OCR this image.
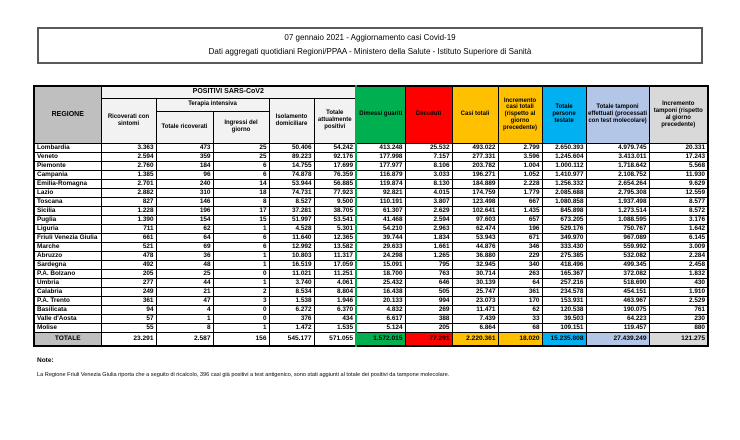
07 gennaio 2021 - Aggiornamento casi Covid-19
Dati aggregati quotidiani Regioni/PPAA - Ministero della Salute - Istituto Superiore di Sanità
REGIONE	POSITIVI SARS-CoV2					Dimessi guariti	Deceduti	Casi totali	Incremento casi totali (rispetto al giorno precedente)	Totale persone testate	Totale tamponi effettuati (processati con test molecolare)	Incremento tamponi (rispetto al giorno precedente)
	Ricoverati con sintomi	Terapia intensiva		Isolamento domiciliare	Totale attualmente positivi							
		Totale ricoverati	Ingressi del giorno									
Lombardia	3.363	473	25	50.406	54.242	413.248	25.532	493.022	2.799	2.650.393	4.979.745	20.331
Veneto	2.594	359	25	89.223	92.176	177.998	7.157	277.331	3.596	1.245.604	3.413.011	17.243
Piemonte	2.760	184	6	14.755	17.699	177.977	8.106	203.782	1.004	1.000.112	1.718.642	5.568
Campania	1.385	96	6	74.878	76.359	116.879	3.033	196.271	1.052	1.410.977	2.108.752	11.930
Emilia-Romagna	2.701	240	14	53.944	56.885	119.874	8.130	184.889	2.228	1.256.332	2.654.264	9.629
Lazio	2.882	310	18	74.731	77.923	92.821	4.015	174.759	1.779	2.085.688	2.795.308	12.559
Toscana	827	146	8	8.527	9.500	110.191	3.807	123.498	667	1.080.858	1.937.498	8.577
Sicilia	1.228	196	17	37.281	38.705	61.307	2.629	102.641	1.435	845.898	1.273.514	8.572
Puglia	1.390	154	15	51.997	53.541	41.468	2.594	97.603	657	673.205	1.088.595	3.176
Liguria	711	62	1	4.528	5.301	54.210	2.963	62.474	196	529.176	750.767	1.642
Friuli Venezia Giulia	661	64	6	11.640	12.365	39.744	1.834	53.943	671	349.970	967.089	6.145
Marche	521	69	6	12.992	13.582	29.633	1.661	44.876	346	333.430	559.992	3.009
Abruzzo	478	36	1	10.803	11.317	24.298	1.265	36.880	229	275.385	532.082	2.284
Sardegna	492	48	1	16.519	17.059	15.091	795	32.945	340	418.496	499.345	2.458
P.A. Bolzano	205	25	0	11.021	11.251	18.700	763	30.714	263	165.367	372.082	1.832
Umbria	277	44	1	3.740	4.061	25.432	646	30.139	64	257.216	518.690	430
Calabria	249	21	2	8.534	8.804	16.438	505	25.747	361	234.578	454.151	1.910
P.A. Trento	361	47	3	1.538	1.946	20.133	994	23.073	170	153.931	463.967	2.529
Basilicata	94	4	0	6.272	6.370	4.832	269	11.471	62	120.538	190.075	761
Valle d'Aosta	57	1	0	376	434	6.617	388	7.439	33	39.503	64.223	230
Molise	55	8	1	1.472	1.535	5.124	205	6.864	68	109.151	119.457	880
TOTALE	23.291	2.587	156	545.177	571.055	1.572.015	77.291	2.220.361	18.020	15.235.808	27.439.249	121.275
Note:
La Regione Friuli Venezia Giulia riporta che a seguito di ricalcolo, 396 casi già positivi a test antigenico, sono stati aggiunti al totale dei positivi da tampone molecolare.
